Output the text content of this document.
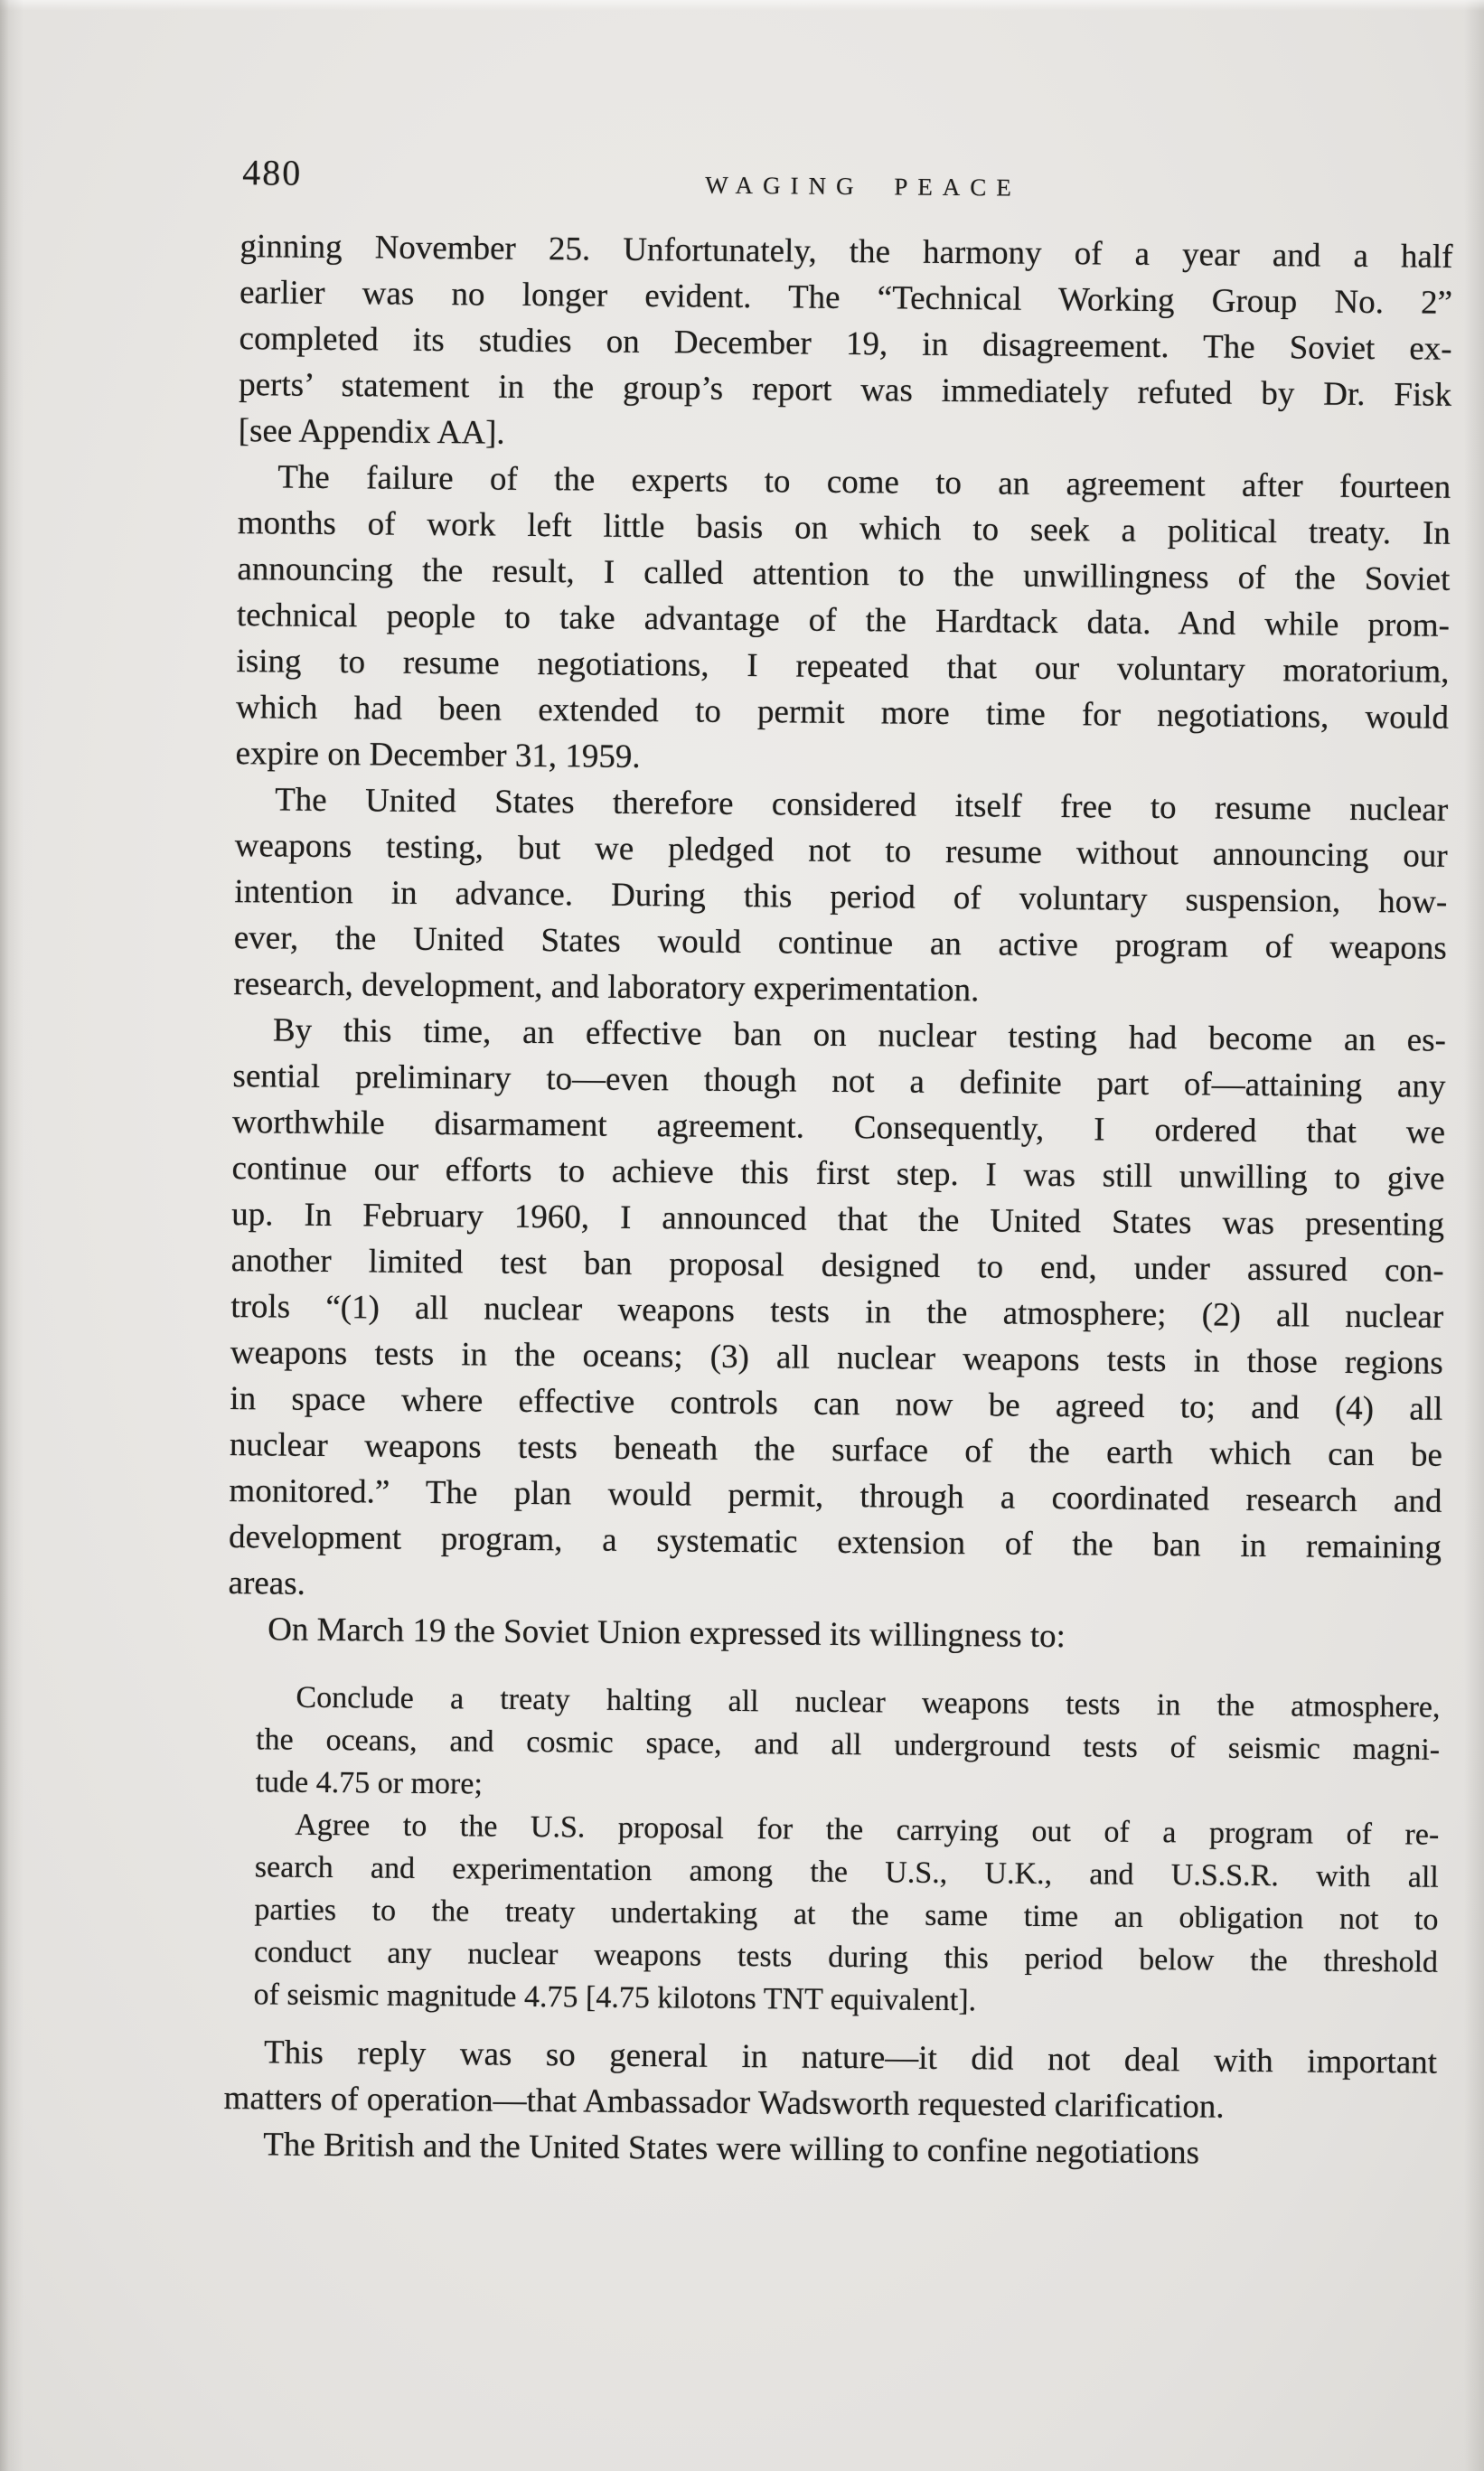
480	WAGING PEACE
ginning November 25. Unfortunately, the harmony of a year and a half
earlier was no longer evident. The “Technical Working Group No. 2”
completed its studies on December 19, in disagreement. The Soviet ex-
perts’ statement in the group’s report was immediately refuted by Dr. Fisk
[see Appendix AA].
The failure of the experts to come to an agreement after fourteen
months of work left little basis on which to seek a political treaty. In
announcing the result, I called attention to the unwillingness of the Soviet
technical people to take advantage of the Hardtack data. And while prom-
ising to resume negotiations, I repeated that our voluntary moratorium,
which had been extended to permit more time for negotiations, would
expire on December 31, 1959.
The United States therefore considered itself free to resume nuclear
weapons testing, but we pledged not to resume without announcing our
intention in advance. During this period of voluntary suspension, how-
ever, the United States would continue an active program of weapons
research, development, and laboratory experimentation.
By this time, an effective ban on nuclear testing had become an es-
sential preliminary to—even though not a definite part of—attaining any
worthwhile disarmament agreement. Consequently, I ordered that we
continue our efforts to achieve this first step. I was still unwilling to give
up. In February 1960, I announced that the United States was presenting
another limited test ban proposal designed to end, under assured con-
trols “(1) all nuclear weapons tests in the atmosphere; (2) all nuclear
weapons tests in the oceans; (3) all nuclear weapons tests in those regions
in space where effective controls can now be agreed to; and (4) all
nuclear weapons tests beneath the surface of the earth which can be
monitored.” The plan would permit, through a coordinated research and
development program, a systematic extension of the ban in remaining
areas.
On March 19 the Soviet Union expressed its willingness to:
Conclude a treaty halting all nuclear weapons tests in the atmosphere,
the oceans, and cosmic space, and all underground tests of seismic magni-
tude 4.75 or more;
Agree to the U.S. proposal for the carrying out of a program of re-
search and experimentation among the U.S., U.K., and U.S.S.R. with all
parties to the treaty undertaking at the same time an obligation not to
conduct any nuclear weapons tests during this period below the threshold
of seismic magnitude 4.75 [4.75 kilotons TNT equivalent].
This reply was so general in nature—it did not deal with important
matters of operation—that Ambassador Wadsworth requested clarification.
The British and the United States were willing to confine negotiations
